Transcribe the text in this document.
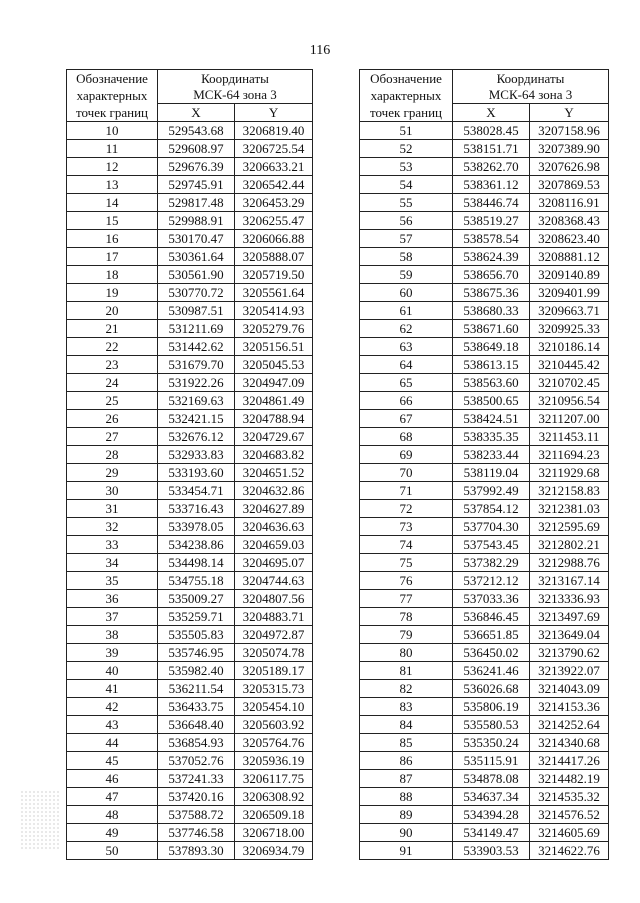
116
Обозначение
характерных
точек границ	Координаты	
	МСК-64 зона 3	
	X	Y
10	529543.68	3206819.40
11	529608.97	3206725.54
12	529676.39	3206633.21
13	529745.91	3206542.44
14	529817.48	3206453.29
15	529988.91	3206255.47
16	530170.47	3206066.88
17	530361.64	3205888.07
18	530561.90	3205719.50
19	530770.72	3205561.64
20	530987.51	3205414.93
21	531211.69	3205279.76
22	531442.62	3205156.51
23	531679.70	3205045.53
24	531922.26	3204947.09
25	532169.63	3204861.49
26	532421.15	3204788.94
27	532676.12	3204729.67
28	532933.83	3204683.82
29	533193.60	3204651.52
30	533454.71	3204632.86
31	533716.43	3204627.89
32	533978.05	3204636.63
33	534238.86	3204659.03
34	534498.14	3204695.07
35	534755.18	3204744.63
36	535009.27	3204807.56
37	535259.71	3204883.71
38	535505.83	3204972.87
39	535746.95	3205074.78
40	535982.40	3205189.17
41	536211.54	3205315.73
42	536433.75	3205454.10
43	536648.40	3205603.92
44	536854.93	3205764.76
45	537052.76	3205936.19
46	537241.33	3206117.75
47	537420.16	3206308.92
48	537588.72	3206509.18
49	537746.58	3206718.00
50	537893.30	3206934.79
Обозначение
характерных
точек границ	Координаты	
	МСК-64 зона 3	
	X	Y
51	538028.45	3207158.96
52	538151.71	3207389.90
53	538262.70	3207626.98
54	538361.12	3207869.53
55	538446.74	3208116.91
56	538519.27	3208368.43
57	538578.54	3208623.40
58	538624.39	3208881.12
59	538656.70	3209140.89
60	538675.36	3209401.99
61	538680.33	3209663.71
62	538671.60	3209925.33
63	538649.18	3210186.14
64	538613.15	3210445.42
65	538563.60	3210702.45
66	538500.65	3210956.54
67	538424.51	3211207.00
68	538335.35	3211453.11
69	538233.44	3211694.23
70	538119.04	3211929.68
71	537992.49	3212158.83
72	537854.12	3212381.03
73	537704.30	3212595.69
74	537543.45	3212802.21
75	537382.29	3212988.76
76	537212.12	3213167.14
77	537033.36	3213336.93
78	536846.45	3213497.69
79	536651.85	3213649.04
80	536450.02	3213790.62
81	536241.46	3213922.07
82	536026.68	3214043.09
83	535806.19	3214153.36
84	535580.53	3214252.64
85	535350.24	3214340.68
86	535115.91	3214417.26
87	534878.08	3214482.19
88	534637.34	3214535.32
89	534394.28	3214576.52
90	534149.47	3214605.69
91	533903.53	3214622.76
